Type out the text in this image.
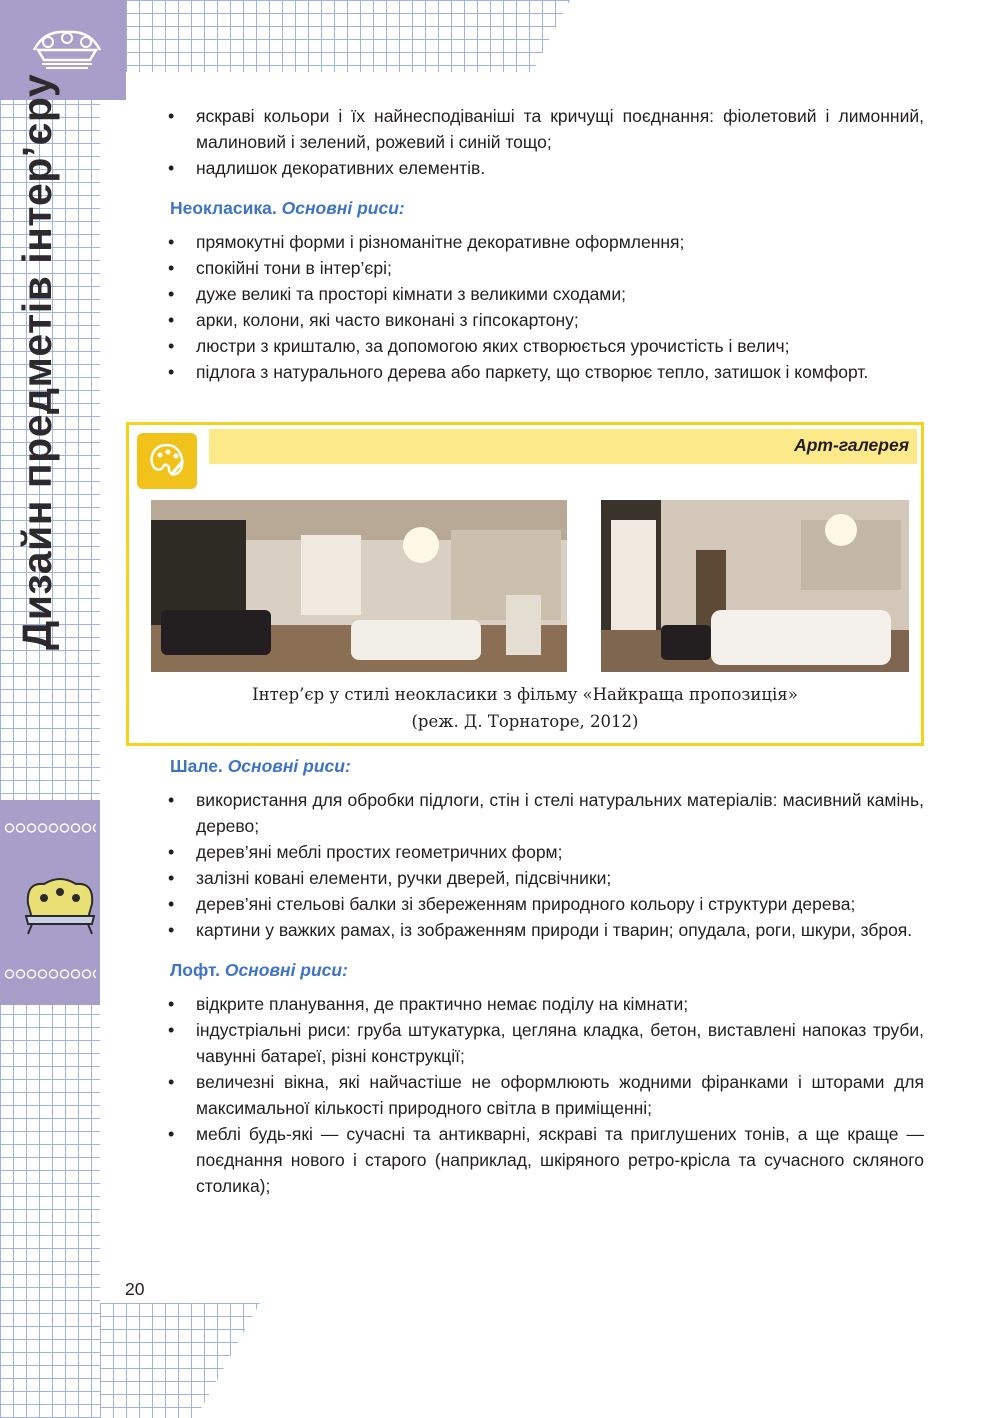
Дизайн предметів інтер’єру
•	яскраві кольори і їх найнесподіваніші та кричущі поєднання: фіолетовий і лимонний, малиновий і зелений, рожевий і синій тощо;
• надлишок декоративних елементів.
Неокласика. Основні риси:
• прямокутні форми і різноманітне декоративне оформлення;
• спокійні тони в інтер’єрі;
• дуже великі та просторі кімнати з великими сходами;
• арки, колони, які часто виконані з гіпсокартону;
• люстри з кришталю, за допомогою яких створюється урочистість і велич;
• підлога з натурального дерева або паркету, що створює тепло, затишок і комфорт.
Арт-галерея
Інтер’єр у стилі неокласики з фільму «Найкраща пропозиція»
(реж. Д. Торнаторе, 2012)
Шале. Основні риси:
• використання для обробки підлоги, стін і стелі натуральних матеріалів: масивний камінь, дерево;
• дерев’яні меблі простих геометричних форм;
• залізні ковані елементи, ручки дверей, підсвічники;
• дерев’яні стельові балки зі збереженням природного кольору і структури дерева;
• картини у важких рамах, із зображенням природи і тварин; опудала, роги, шкури, зброя.
Лофт. Основні риси:
• відкрите планування, де практично немає поділу на кімнати;
• індустріальні риси: груба штукатурка, цегляна кладка, бетон, виставлені напоказ труби, чавунні батареї, різні конструкції;
• величезні вікна, які найчастіше не оформлюють жодними фіранками і шторами для максимальної кількості природного світла в приміщенні;
• меблі будь-які — сучасні та антикварні, яскраві та приглушених тонів, а ще краще — поєднання нового і старого (наприклад, шкіряного ретро-крісла та сучасного скляного столика);
20
